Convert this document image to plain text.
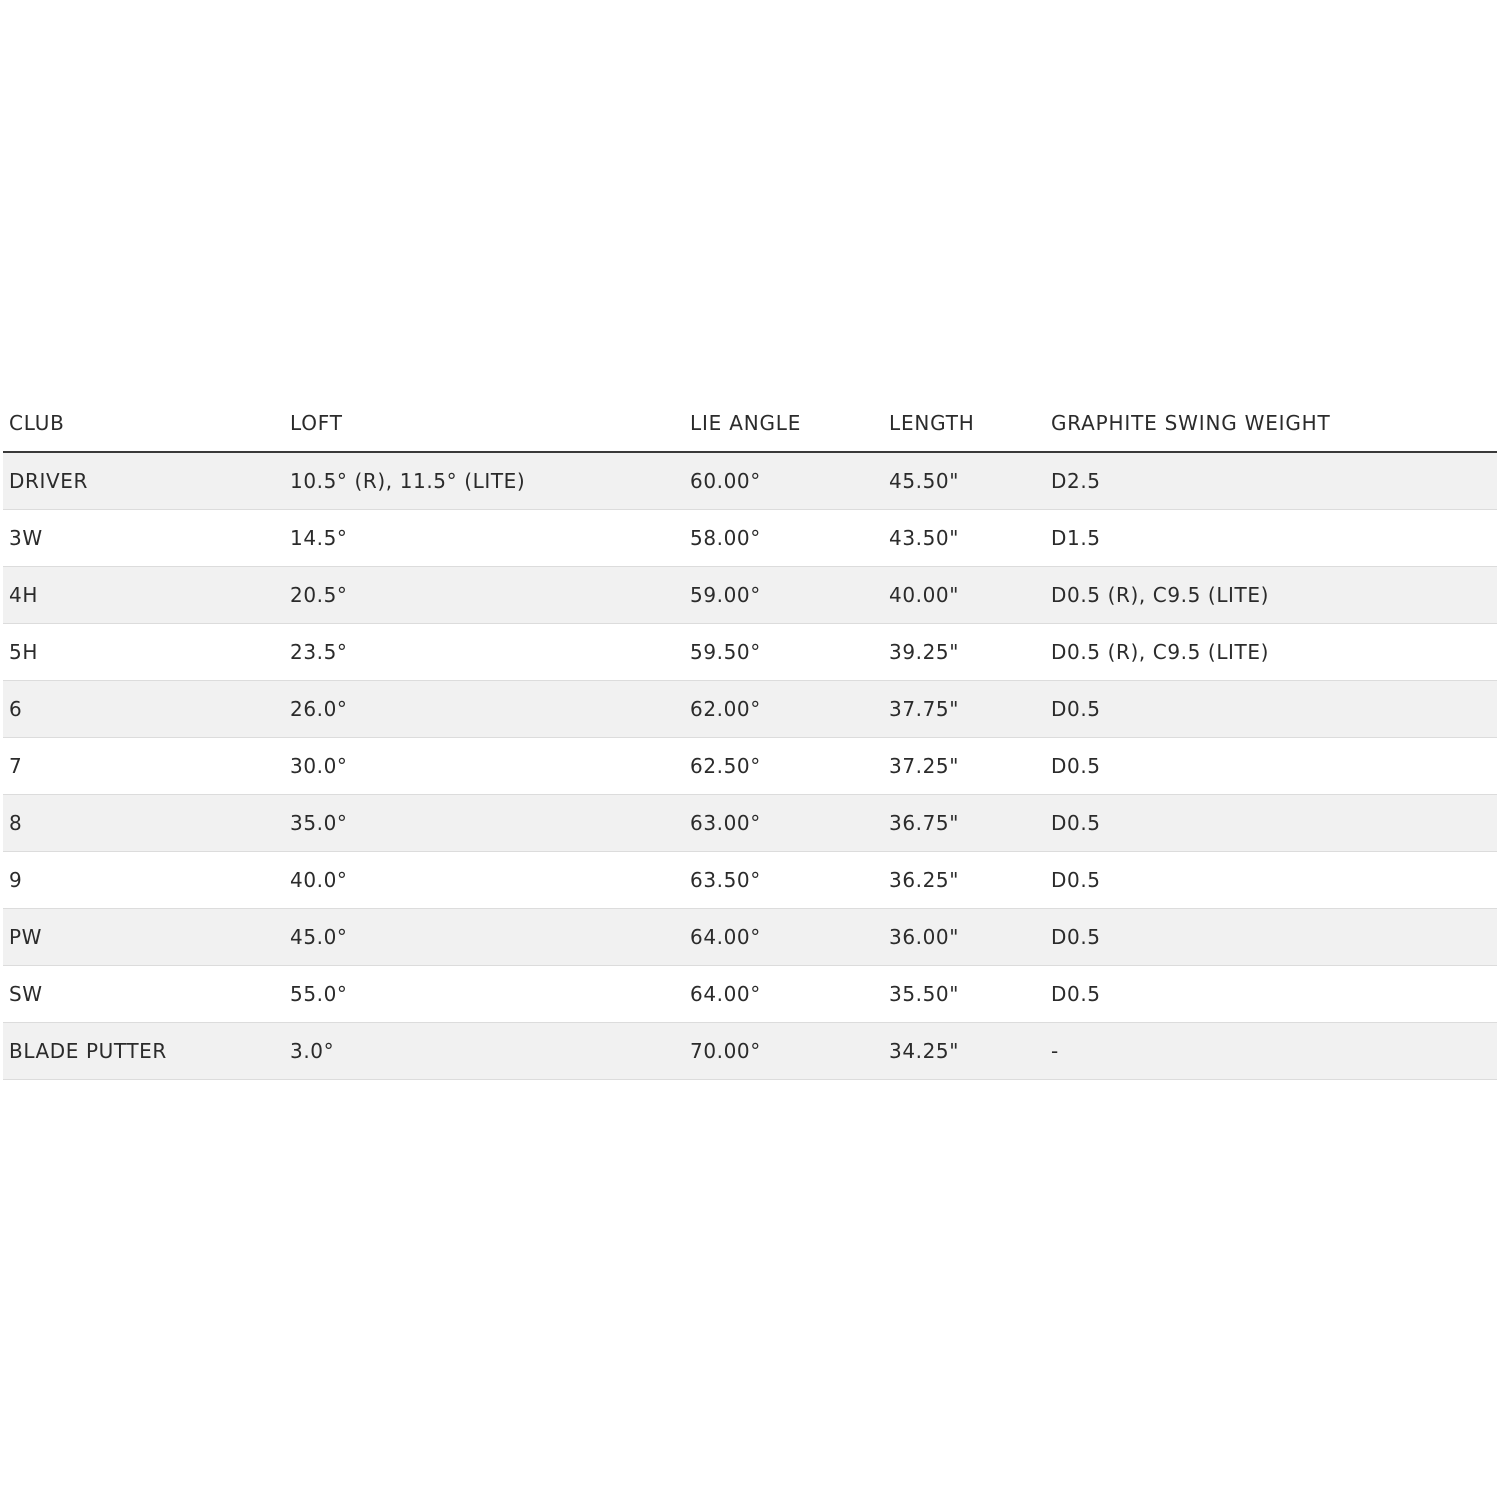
CLUB	LOFT	LIE ANGLE	LENGTH	GRAPHITE SWING WEIGHT
DRIVER	10.5° (R), 11.5° (LITE)	60.00°	45.50"	D2.5
3W	14.5°	58.00°	43.50"	D1.5
4H	20.5°	59.00°	40.00"	D0.5 (R), C9.5 (LITE)
5H	23.5°	59.50°	39.25"	D0.5 (R), C9.5 (LITE)
6	26.0°	62.00°	37.75"	D0.5
7	30.0°	62.50°	37.25"	D0.5
8	35.0°	63.00°	36.75"	D0.5
9	40.0°	63.50°	36.25"	D0.5
PW	45.0°	64.00°	36.00"	D0.5
SW	55.0°	64.00°	35.50"	D0.5
BLADE PUTTER	3.0°	70.00°	34.25"	-
